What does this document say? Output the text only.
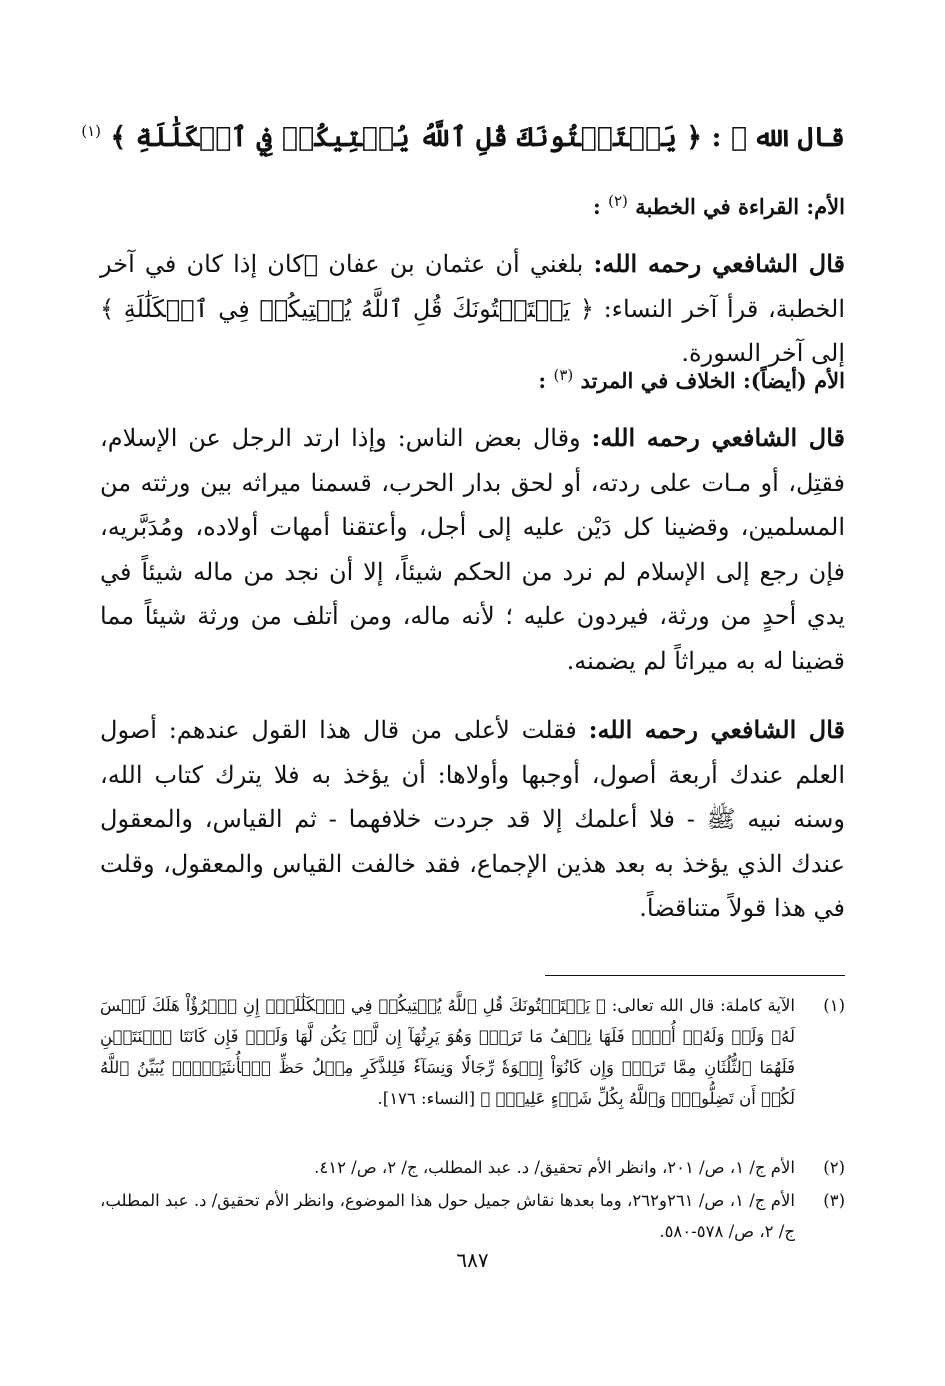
قال الله ﷻ : ﴿ يَسۡتَفۡتُونَكَ قُلِ ٱللَّهُ يُفۡتِيكُمۡ فِي ٱلۡكَلَٰلَةِ ﴾ $^{(١)}$
الأم: القراءة في الخطبة $^{(٢)}$ :
قال الشافعي رحمه الله: بلغني أن عثمان بن عفان ﷺكان إذا كان في آخر الخطبة، قرأ آخر النساء: ﴿ يَسۡتَفۡتُونَكَ قُلِ ٱللَّهُ يُفۡتِيكُمۡ فِي ٱلۡكَلَٰلَةِ ﴾ إلى آخر السورة.
الأم (أيضاً): الخلاف في المرتد $^{(٣)}$ :
قال الشافعي رحمه الله: وقال بعض الناس: وإذا ارتد الرجل عن الإسلام، فقتِل، أو مـات على ردته، أو لحق بدار الحرب، قسمنا ميراثه بين ورثته من المسلمين، وقضينا كل دَيْن عليه إلى أجل، وأعتقنا أمهات أولاده، ومُدَبَّريه، فإن رجع إلى الإسلام لم نرد من الحكم شيئاً، إلا أن نجد من ماله شيئاً في يدي أحدٍ من ورثة، فيردون عليه ؛ لأنه ماله، ومن أتلف من ورثة شيئاً مما قضينا له به ميراثاً لم يضمنه.
قال الشافعي رحمه الله: فقلت لأعلى من قال هذا القول عندهم: أصول العلم عندك أربعة أصول، أوجبها وأولاها: أن يؤخذ به فلا يترك كتاب الله، وسنه نبيه ﷺ - فلا أعلمك إلا قد جردت خلافهما - ثم القياس، والمعقول عندك الذي يؤخذ به بعد هذين الإجماع، فقد خالفت القياس والمعقول، وقلت في هذا قولاً متناقضاً.
(١)
الآية كاملة: قال الله تعالى: ﴿ يَسۡتَفۡتُونَكَ قُلِ ٱللَّهُ يُفۡتِيكُمۡ فِي ٱلۡكَلَٰلَةِۚ إِنِ ٱمۡرُؤٌاْ هَلَكَ لَيۡسَ لَهُۥ وَلَدٞ وَلَهُۥٓ أُخۡتٞ فَلَهَا نِصۡفُ مَا تَرَكَۚ وَهُوَ يَرِثُهَآ إِن لَّمۡ يَكُن لَّهَا وَلَدٞۚ فَإِن كَانَتَا ٱثۡنَتَيۡنِ فَلَهُمَا ٱلثُّلُثَانِ مِمَّا تَرَكَۚ وَإِن كَانُوٓاْ إِخۡوَةٗ رِّجَالٗا وَنِسَآءٗ فَلِلذَّكَرِ مِثۡلُ حَظِّ ٱلۡأُنثَيَيۡنِۗ يُبَيِّنُ ٱللَّهُ لَكُمۡ أَن تَضِلُّواْۗ وَٱللَّهُ بِكُلِّ شَيۡءٍ عَلِيمُۢ ﴾ [النساء: ١٧٦].
(٢)
الأم ج/ ١، ص/ ٢٠١، وانظر الأم تحقيق/ د. عبد المطلب، ج/ ٢، ص/ ٤١٢.
(٣)
الأم ج/ ١، ص/ ٢٦١و٢٦٢، وما بعدها نقاش جميل حول هذا الموضوع، وانظر الأم تحقيق/ د. عبد المطلب، ج/ ٢، ص/ ٥٧٨-٥٨٠.
٦٨٧
